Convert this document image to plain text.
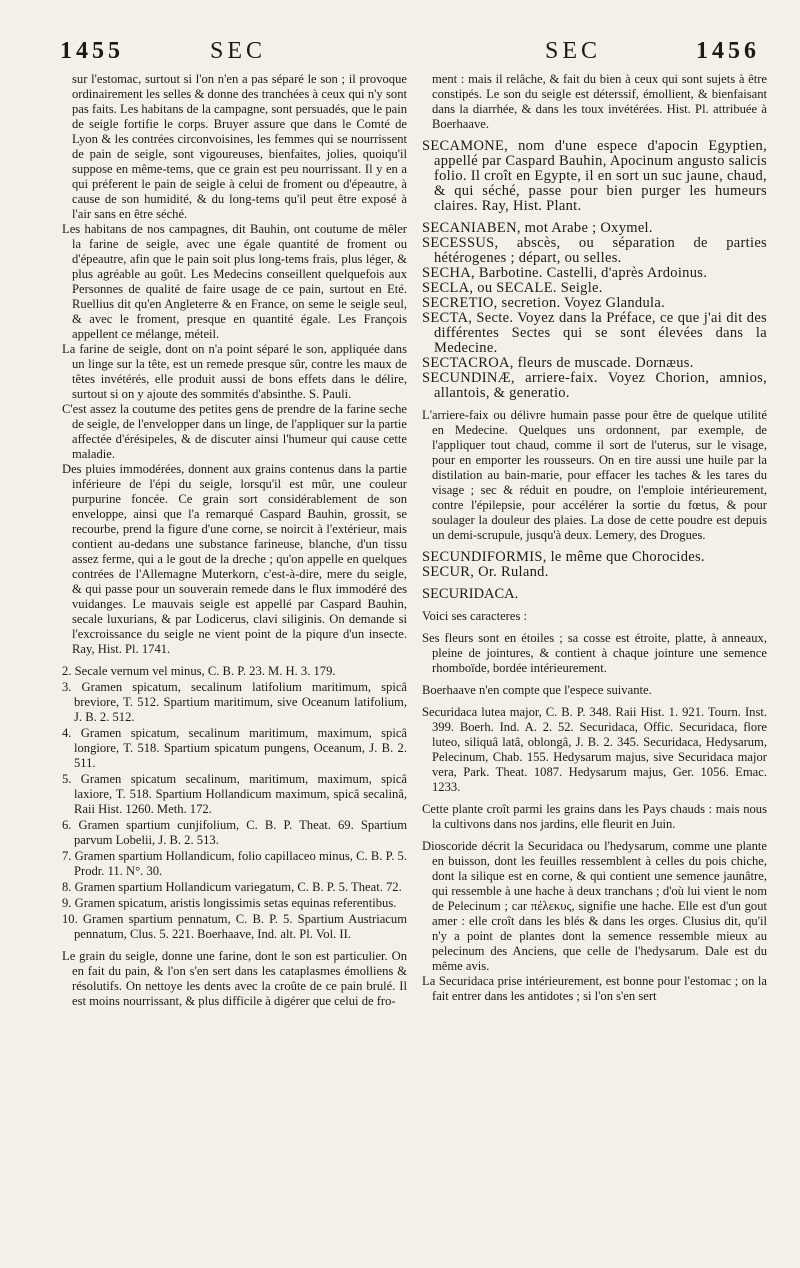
1455	SEC	SEC	1456

sur l'estomac, surtout si l'on n'en a pas séparé le son ; il provoque ordinairement les selles & donne des tranchées à ceux qui n'y sont pas faits. Les habitans de la campagne, sont persuadés, que le pain de seigle fortifie le corps. Bruyer assure que dans le Comté de Lyon & les contrées circonvoisines, les femmes qui se nourrissent de pain de seigle, sont vigoureuses, bienfaites, jolies, quoiqu'il suppose en même-tems, que ce grain est peu nourrissant. Il y en a qui préferent le pain de seigle à celui de froment ou d'épeautre, à cause de son humidité, & du long-tems qu'il peut être exposé à l'air sans en être séché.

Les habitans de nos campagnes, dit Bauhin, ont coutume de mêler la farine de seigle, avec une égale quantité de froment ou d'épeautre, afin que le pain soit plus long-tems frais, plus léger, & plus agréable au goût. Les Medecins conseillent quelquefois aux Personnes de qualité de faire usage de ce pain, surtout en Eté. Ruellius dit qu'en Angleterre & en France, on seme le seigle seul, & avec le froment, presque en quantité égale. Les François appellent ce mélange, méteil.

La farine de seigle, dont on n'a point séparé le son, appliquée dans un linge sur la tête, est un remede presque sûr, contre les maux de têtes invétérés, elle produit aussi de bons effets dans le délire, surtout si on y ajoute des sommités d'absinthe. S. Pauli.

C'est assez la coutume des petites gens de prendre de la farine seche de seigle, de l'envelopper dans un linge, de l'appliquer sur la partie affectée d'érésipeles, & de discuter ainsi l'humeur qui cause cette maladie.

Des pluies immodérées, donnent aux grains contenus dans la partie inférieure de l'épi du seigle, lorsqu'il est mûr, une couleur purpurine foncée. Ce grain sort considérablement de son enveloppe, ainsi que l'a remarqué Caspard Bauhin, grossit, se recourbe, prend la figure d'une corne, se noircit à l'extérieur, mais contient au-dedans une substance farineuse, blanche, d'un tissu assez ferme, qui a le gout de la dreche ; qu'on appelle en quelques contrées de l'Allemagne Muterkorn, c'est-à-dire, mere du seigle, & qui passe pour un souverain remede dans le flux immodéré des vuidanges. Le mauvais seigle est appellé par Caspard Bauhin, secale luxurians, & par Lodicerus, clavi siliginis. On demande si l'excroissance du seigle ne vient point de la piqure d'un insecte. Ray, Hist. Pl. 1741.

2. Secale vernum vel minus, C. B. P. 23. M. H. 3. 179.

3. Gramen spicatum, secalinum latifolium maritimum, spicâ breviore, T. 512. Spartium maritimum, sive Oceanum latifolium, J. B. 2. 512.

4. Gramen spicatum, secalinum maritimum, maximum, spicâ longiore, T. 518. Spartium spicatum pungens, Oceanum, J. B. 2. 511.

5. Gramen spicatum secalinum, maritimum, maximum, spicâ laxiore, T. 518. Spartium Hollandicum maximum, spicâ secalinâ, Raii Hist. 1260. Meth. 172.

6. Gramen spartium cunjifolium, C. B. P. Theat. 69. Spartium parvum Lobelii, J. B. 2. 513.

7. Gramen spartium Hollandicum, folio capillaceo minus, C. B. P. 5. Prodr. 11. N°. 30.

8. Gramen spartium Hollandicum variegatum, C. B. P. 5. Theat. 72.

9. Gramen spicatum, aristis longissimis setas equinas referentibus.

10. Gramen spartium pennatum, C. B. P. 5. Spartium Austriacum pennatum, Clus. 5. 221. Boerhaave, Ind. alt. Pl. Vol. II.

Le grain du seigle, donne une farine, dont le son est particulier. On en fait du pain, & l'on s'en sert dans les cataplasmes émolliens & résolutifs. On nettoye les dents avec la croûte de ce pain brulé. Il est moins nourrissant, & plus difficile à digérer que celui de fro-

ment : mais il relâche, & fait du bien à ceux qui sont sujets à être constipés. Le son du seigle est déterssif, émollient, & bienfaisant dans la diarrhée, & dans les toux invétérées. Hist. Pl. attribuée à Boerhaave.

SECAMONE, nom d'une espece d'apocin Egyptien, appellé par Caspard Bauhin, Apocinum angusto salicis folio. Il croît en Egypte, il en sort un suc jaune, chaud, & qui séché, passe pour bien purger les humeurs claires. Ray, Hist. Plant.

SECANIABEN, mot Arabe ; Oxymel.

SECESSUS, abscès, ou séparation de parties hétérogenes ; départ, ou selles.

SECHA, Barbotine. Castelli, d'après Ardoinus.

SECLA, ou SECALE. Seigle.

SECRETIO, secretion. Voyez Glandula.

SECTA, Secte. Voyez dans la Préface, ce que j'ai dit des différentes Sectes qui se sont élevées dans la Medecine.

SECTACROA, fleurs de muscade. Dornæus.

SECUNDINÆ, arriere-faix. Voyez Chorion, amnios, allantois, & generatio.

L'arriere-faix ou délivre humain passe pour être de quelque utilité en Medecine. Quelques uns ordonnent, par exemple, de l'appliquer tout chaud, comme il sort de l'uterus, sur le visage, pour en emporter les rousseurs. On en tire aussi une huile par la distilation au bain-marie, pour effacer les taches & les tares du visage ; sec & réduit en poudre, on l'emploie intérieurement, contre l'épilepsie, pour accélérer la sortie du fœtus, & pour soulager la douleur des plaies. La dose de cette poudre est depuis un demi-scrupule, jusqu'à deux. Lemery, des Drogues.

SECUNDIFORMIS, le même que Chorocides.

SECUR, Or. Ruland.

SECURIDACA.

Voici ses caracteres :

Ses fleurs sont en étoiles ; sa cosse est étroite, platte, à anneaux, pleine de jointures, & contient à chaque jointure une semence rhomboïde, bordée intérieurement.

Boerhaave n'en compte que l'espece suivante.

Securidaca lutea major, C. B. P. 348. Raii Hist. 1. 921. Tourn. Inst. 399. Boerh. Ind. A. 2. 52. Securidaca, Offic. Securidaca, flore luteo, siliquâ latâ, oblongâ, J. B. 2. 345. Securidaca, Hedysarum, Pelecinum, Chab. 155. Hedysarum majus, sive Securidaca major vera, Park. Theat. 1087. Hedysarum majus, Ger. 1056. Emac. 1233.

Cette plante croît parmi les grains dans les Pays chauds : mais nous la cultivons dans nos jardins, elle fleurit en Juin.

Dioscoride décrit la Securidaca ou l'hedysarum, comme une plante en buisson, dont les feuilles ressemblent à celles du pois chiche, dont la silique est en corne, & qui contient une semence jaunâtre, qui ressemble à une hache à deux tranchans ; d'où lui vient le nom de Pelecinum ; car πέλεκυς, signifie une hache. Elle est d'un gout amer : elle croît dans les blés & dans les orges. Clusius dit, qu'il n'y a point de plantes dont la semence ressemble mieux au pelecinum des Anciens, que celle de l'hedysarum. Dale est du même avis.

La Securidaca prise intérieurement, est bonne pour l'estomac ; on la fait entrer dans les antidotes ; si l'on s'en sert
